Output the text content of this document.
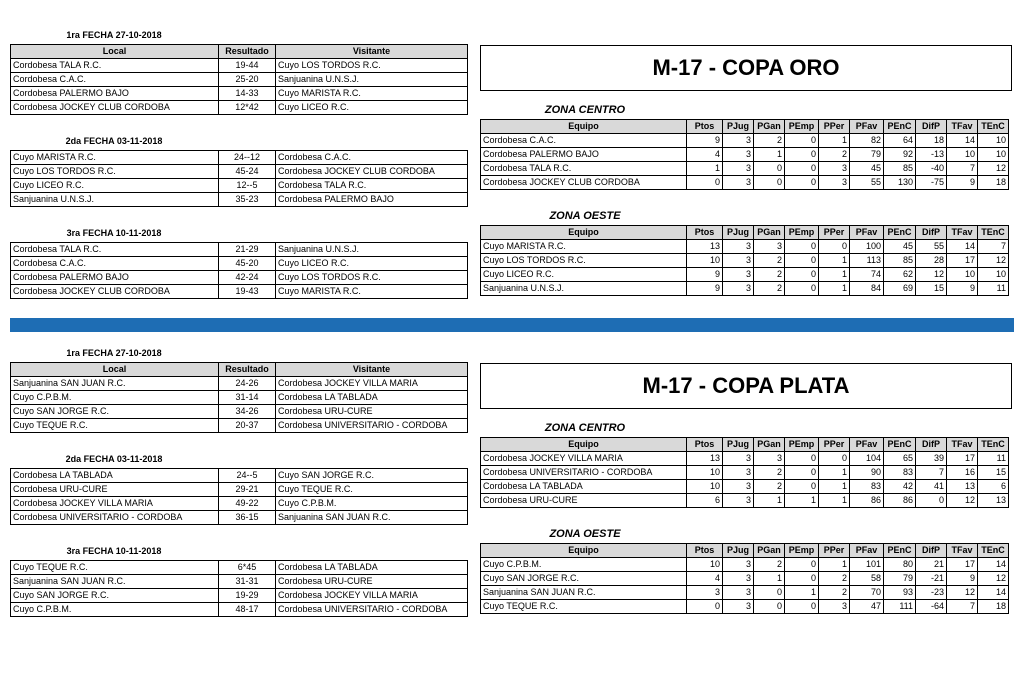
M-17 - COPA ORO
1ra FECHA 27-10-2018
Local	Resultado	Visitante
Cordobesa TALA R.C.	19-44	Cuyo LOS TORDOS R.C.
Cordobesa C.A.C.	25-20	Sanjuanina U.N.S.J.
Cordobesa PALERMO BAJO	14-33	Cuyo MARISTA R.C.
Cordobesa JOCKEY CLUB CORDOBA	12*42	Cuyo LICEO R.C.
2da FECHA 03-11-2018
Cuyo MARISTA R.C.	24--12	Cordobesa C.A.C.
Cuyo LOS TORDOS R.C.	45-24	Cordobesa JOCKEY CLUB CORDOBA
Cuyo LICEO R.C.	12--5	Cordobesa TALA R.C.
Sanjuanina U.N.S.J.	35-23	Cordobesa PALERMO BAJO
3ra FECHA 10-11-2018
Cordobesa TALA R.C.	21-29	Sanjuanina U.N.S.J.
Cordobesa C.A.C.	45-20	Cuyo LICEO R.C.
Cordobesa PALERMO BAJO	42-24	Cuyo LOS TORDOS R.C.
Cordobesa JOCKEY CLUB CORDOBA	19-43	Cuyo MARISTA R.C.
ZONA CENTRO
Equipo	Ptos	PJug	PGan	PEmp	PPer	PFav	PEnC	DifP	TFav	TEnC
Cordobesa C.A.C.	9	3	2	0	1	82	64	18	14	10
Cordobesa PALERMO BAJO	4	3	1	0	2	79	92	-13	10	10
Cordobesa TALA R.C.	1	3	0	0	3	45	85	-40	7	12
Cordobesa JOCKEY CLUB CORDOBA	0	3	0	0	3	55	130	-75	9	18
ZONA OESTE
Equipo	Ptos	PJug	PGan	PEmp	PPer	PFav	PEnC	DifP	TFav	TEnC
Cuyo MARISTA R.C.	13	3	3	0	0	100	45	55	14	7
Cuyo LOS TORDOS R.C.	10	3	2	0	1	113	85	28	17	12
Cuyo LICEO R.C.	9	3	2	0	1	74	62	12	10	10
Sanjuanina U.N.S.J.	9	3	2	0	1	84	69	15	9	11
M-17 - COPA PLATA
1ra FECHA 27-10-2018
Local	Resultado	Visitante
Sanjuanina SAN JUAN R.C.	24-26	Cordobesa JOCKEY VILLA MARIA
Cuyo C.P.B.M.	31-14	Cordobesa LA TABLADA
Cuyo SAN JORGE R.C.	34-26	Cordobesa URU-CURE
Cuyo TEQUE R.C.	20-37	Cordobesa UNIVERSITARIO - CORDOBA
2da FECHA 03-11-2018
Cordobesa LA TABLADA	24--5	Cuyo SAN JORGE R.C.
Cordobesa URU-CURE	29-21	Cuyo TEQUE R.C.
Cordobesa JOCKEY VILLA MARIA	49-22	Cuyo C.P.B.M.
Cordobesa UNIVERSITARIO - CORDOBA	36-15	Sanjuanina SAN JUAN R.C.
3ra FECHA 10-11-2018
Cuyo TEQUE R.C.	6*45	Cordobesa LA TABLADA
Sanjuanina SAN JUAN R.C.	31-31	Cordobesa URU-CURE
Cuyo SAN JORGE R.C.	19-29	Cordobesa JOCKEY VILLA MARIA
Cuyo C.P.B.M.	48-17	Cordobesa UNIVERSITARIO - CORDOBA
ZONA CENTRO
Equipo	Ptos	PJug	PGan	PEmp	PPer	PFav	PEnC	DifP	TFav	TEnC
Cordobesa JOCKEY VILLA MARIA	13	3	3	0	0	104	65	39	17	11
Cordobesa UNIVERSITARIO - CORDOBA	10	3	2	0	1	90	83	7	16	15
Cordobesa LA TABLADA	10	3	2	0	1	83	42	41	13	6
Cordobesa URU-CURE	6	3	1	1	1	86	86	0	12	13
ZONA OESTE
Equipo	Ptos	PJug	PGan	PEmp	PPer	PFav	PEnC	DifP	TFav	TEnC
Cuyo C.P.B.M.	10	3	2	0	1	101	80	21	17	14
Cuyo SAN JORGE R.C.	4	3	1	0	2	58	79	-21	9	12
Sanjuanina SAN JUAN R.C.	3	3	0	1	2	70	93	-23	12	14
Cuyo TEQUE R.C.	0	3	0	0	3	47	111	-64	7	18
